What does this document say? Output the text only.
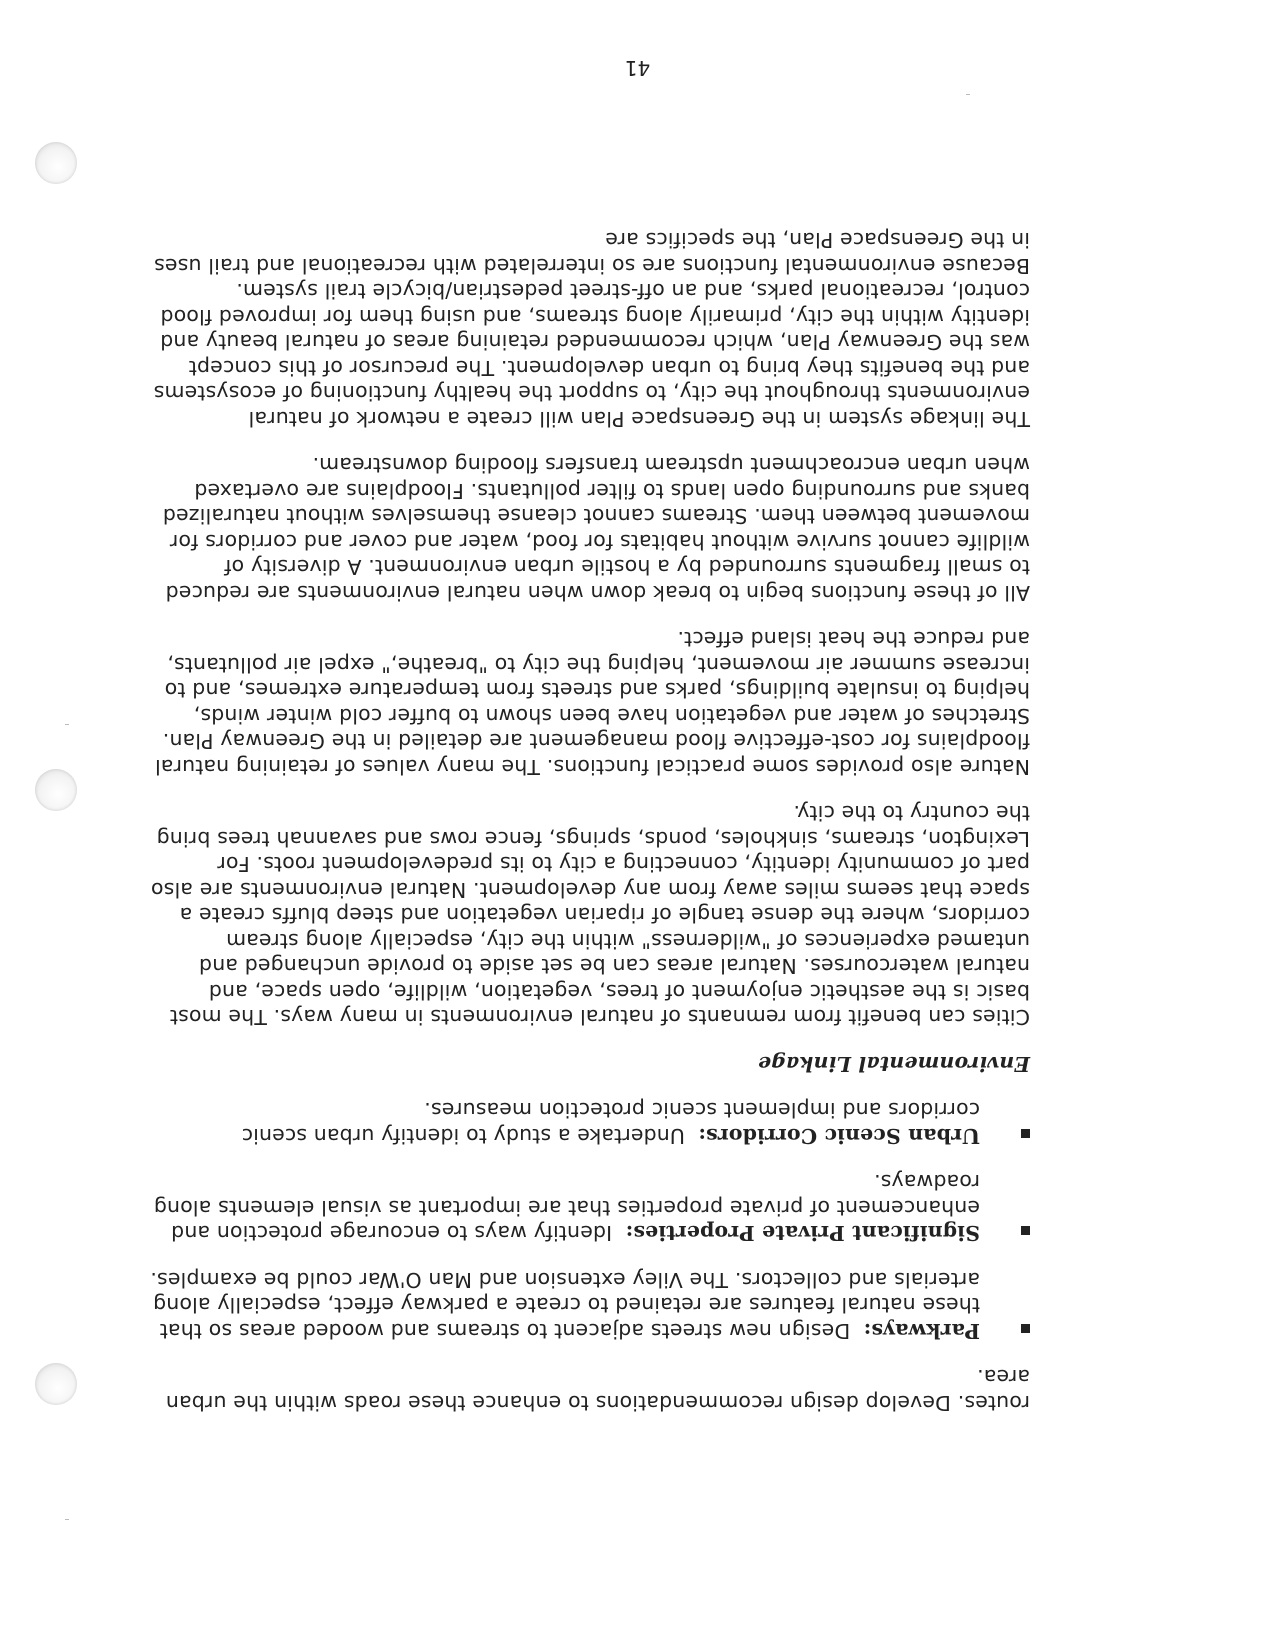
routes. Develop design recommendations to enhance these roads within the urban area.

Parkways:  Design new streets adjacent to streams and wooded areas so that these natural features are retained to create a parkway effect, especially along arterials and collectors. The Viley extension and Man O'War could be examples.
Significant Private Properties:  Identify ways to encourage protection and enhancement of private properties that are important as visual elements along roadways.
Urban Scenic Corridors:  Undertake a study to identify urban scenic corridors and implement scenic protection measures.
Environmental Linkage

Cities can benefit from remnants of natural environments in many ways. The most basic is the aesthetic enjoyment of trees, vegetation, wildlife, open space, and natural watercourses. Natural areas can be set aside to provide unchanged and untamed experiences of "wilderness" within the city, especially along stream corridors, where the dense tangle of riparian vegetation and steep bluffs create a space that seems miles away from any development. Natural environments are also part of community identity, connecting a city to its predevelopment roots. For Lexington, streams, sinkholes, ponds, springs, fence rows and savannah trees bring the country to the city.

Nature also provides some practical functions. The many values of retaining natural floodplains for cost-effective flood management are detailed in the Greenway Plan. Stretches of water and vegetation have been shown to buffer cold winter winds, helping to insulate buildings, parks and streets from temperature extremes, and to increase summer air movement, helping the city to "breathe," expel air pollutants, and reduce the heat island effect.

All of these functions begin to break down when natural environments are reduced to small fragments surrounded by a hostile urban environment. A diversity of wildlife cannot survive without habitats for food, water and cover and corridors for movement between them. Streams cannot cleanse themselves without naturalized banks and surrounding open lands to filter pollutants. Floodplains are overtaxed when urban encroachment upstream transfers flooding downstream.

The linkage system in the Greenspace Plan will create a network of natural environments throughout the city, to support the healthy functioning of ecosystems and the benefits they bring to urban development. The precursor of this concept was the Greenway Plan, which recommended retaining areas of natural beauty and identity within the city, primarily along streams, and using them for improved flood control, recreational parks, and an off-street pedestrian/bicycle trail system. Because environmental functions are so interrelated with recreational and trail uses in the Greenspace Plan, the specifics are

41
